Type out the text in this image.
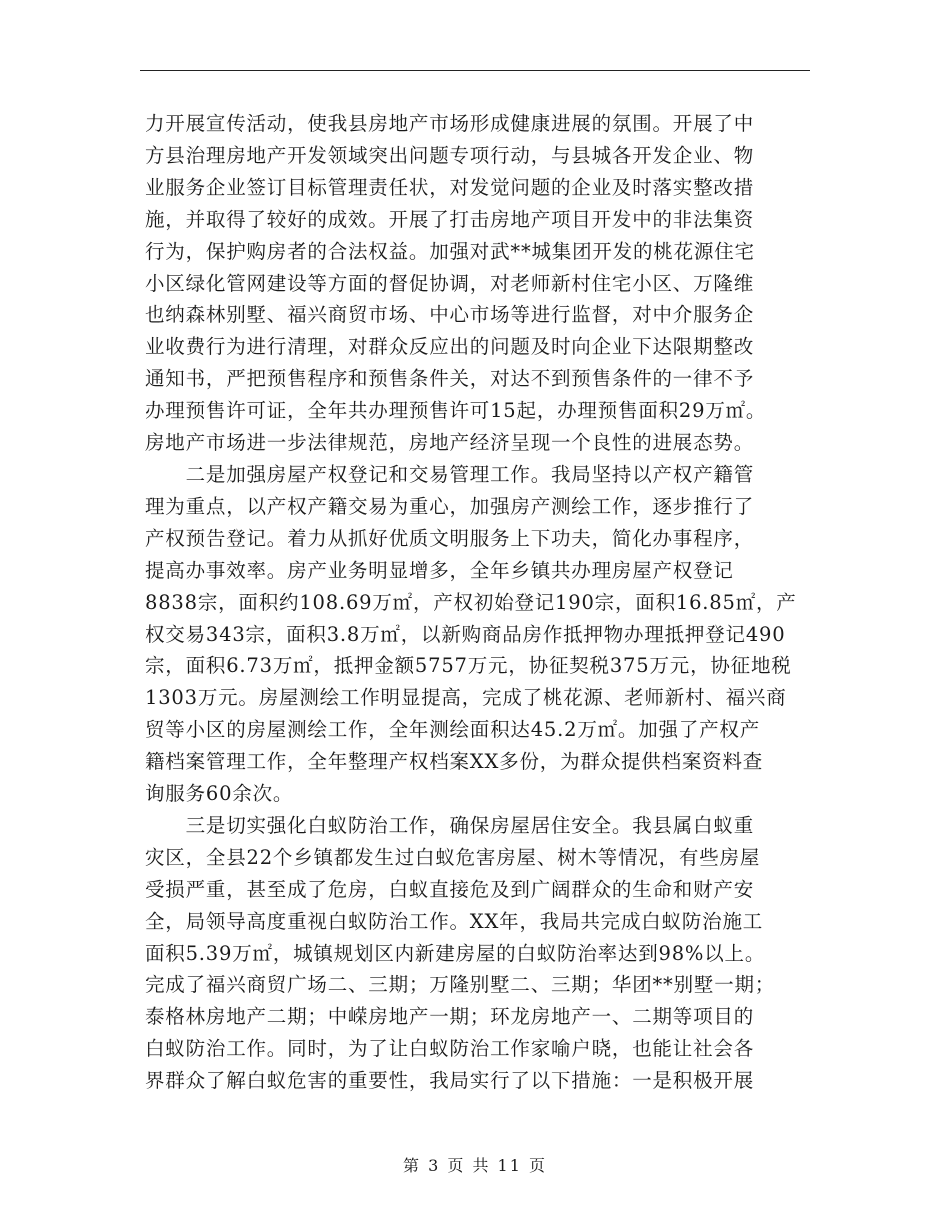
力开展宣传活动，使我县房地产市场形成健康进展的氛围。开展了中
方县治理房地产开发领域突出问题专项行动，与县城各开发企业、物
业服务企业签订目标管理责任状，对发觉问题的企业及时落实整改措
施，并取得了较好的成效。开展了打击房地产项目开发中的非法集资
行为，保护购房者的合法权益。加强对武**城集团开发的桃花源住宅
小区绿化管网建设等方面的督促协调，对老师新村住宅小区、万隆维
也纳森林别墅、福兴商贸市场、中心市场等进行监督，对中介服务企
业收费行为进行清理，对群众反应出的问题及时向企业下达限期整改
通知书，严把预售程序和预售条件关，对达不到预售条件的一律不予
办理预售许可证，全年共办理预售许可15起，办理预售面积29万㎡。
房地产市场进一步法律规范，房地产经济呈现一个良性的进展态势。
　　二是加强房屋产权登记和交易管理工作。我局坚持以产权产籍管
理为重点，以产权产籍交易为重心，加强房产测绘工作，逐步推行了
产权预告登记。着力从抓好优质文明服务上下功夫，简化办事程序，
提高办事效率。房产业务明显增多，全年乡镇共办理房屋产权登记
8838宗，面积约108.69万㎡，产权初始登记190宗，面积16.85㎡，产
权交易343宗，面积3.8万㎡，以新购商品房作抵押物办理抵押登记490
宗，面积6.73万㎡，抵押金额5757万元，协征契税375万元，协征地税
1303万元。房屋测绘工作明显提高，完成了桃花源、老师新村、福兴商
贸等小区的房屋测绘工作，全年测绘面积达45.2万㎡。加强了产权产
籍档案管理工作，全年整理产权档案XX多份，为群众提供档案资料查
询服务60余次。
　　三是切实强化白蚁防治工作，确保房屋居住安全。我县属白蚁重
灾区，全县22个乡镇都发生过白蚁危害房屋、树木等情况，有些房屋
受损严重，甚至成了危房，白蚁直接危及到广阔群众的生命和财产安
全，局领导高度重视白蚁防治工作。XX年，我局共完成白蚁防治施工
面积5.39万㎡，城镇规划区内新建房屋的白蚁防治率达到98%以上。
完成了福兴商贸广场二、三期；万隆别墅二、三期；华团**别墅一期；
泰格林房地产二期；中嵘房地产一期；环龙房地产一、二期等项目的
白蚁防治工作。同时，为了让白蚁防治工作家喻户晓，也能让社会各
界群众了解白蚁危害的重要性，我局实行了以下措施：一是积极开展
第 3 页 共 11 页
